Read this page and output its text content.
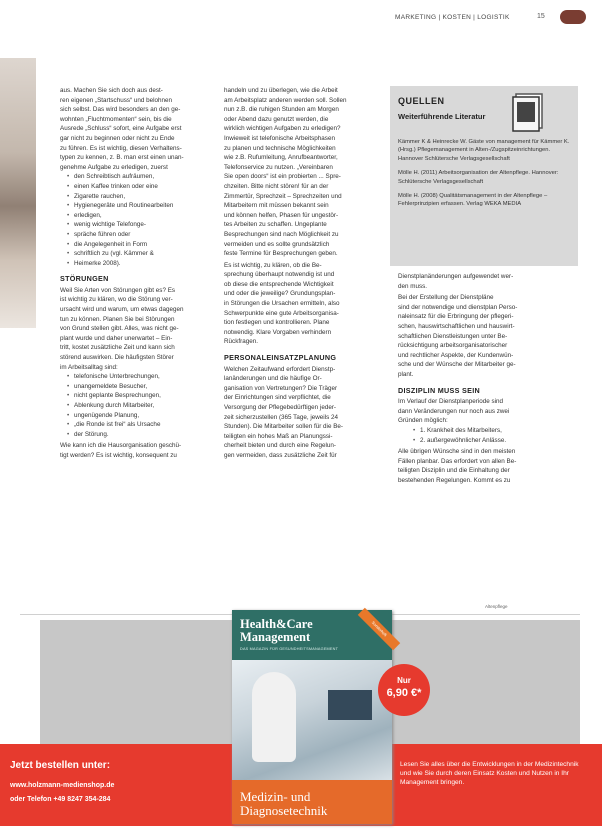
MARKETING | KOSTEN | LOGISTIK	15
aus. Machen Sie sich doch aus dest-
ren eigenen „Startschuss“ und belohnen
sich selbst. Das wird besonders an den ge-
wohnten „Fluchtmomenten“ sein, bis die
Ausrede „Schluss“ sofort, eine Aufgabe erst
gar nicht zu beginnen oder nicht zu Ende
zu führen. Es ist wichtig, diesen Verhaltens-
typen zu kennen, z. B. man erst einen unan-
genehme Aufgabe zu erledigen, zuerst
• den Schreibtisch aufräumen,
• einen Kaffee trinken oder eine
• Zigarette rauchen,
• Hygienegeräte und Routinearbeiten
• erledigen,
• wenig wichtige Telefonge-
• spräche führen oder
• die Angelegenheit in Form
• schriftlich zu (vgl. Kämmer &
• Heimerke 2008).
STÖRUNGEN
Weil Sie Arten von Störungen gibt es? Es
ist wichtig zu klären, wo die Störung ver-
ursacht wird und warum, um etwas dagegen
tun zu können. Planen Sie bei Störungen
von Grund stellen gibt. Alles, was nicht ge-
plant wurde und daher unerwartet – Ein-
tritt, kostet zusätzliche Zeit und kann sich
störend auswirken. Die häufigsten Störer
im Arbeitsalltag sind:
• telefonische Unterbrechungen,
• unangemeldete Besucher,
• nicht geplante Besprechungen,
• Ablenkung durch Mitarbeiter,
• ungenügende Planung,
• „die Ronde ist frei“ als Ursache
• der Störung.
Wie kann ich die Hausorganisation geschü-
tigt werden? Es ist wichtig, konsequent zu
handeln und zu überlegen, wie die Arbeit
am Arbeitsplatz anderen werden soll. Sollen
nun z.B. die ruhigen Stunden am Morgen
oder Abend dazu genutzt werden, die
wirklich wichtigen Aufgaben zu erledigen?
Inwieweit ist telefonische Arbeitsphasen
zu planen und technische Möglichkeiten
wie z.B. Rufumleitung, Anrufbeantworter,
Telefonservice zu nutzen. „Vereinbaren
Sie open doors“ ist ein probierten ... Spre-
chzeiten. Bitte nicht stören! für an der
Zimmertür, Sprechzeit – Sprechzeiten und
Mitarbeitern mit müssen bekannt sein
und können helfen, Phasen für ungestör-
tes Arbeiten zu schaffen. Ungeplante
Besprechungen sind nach Möglichkeit zu
vermeiden und es sollte grundsätzlich
feste Termine für Besprechungen geben.
Es ist wichtig, zu klären, ob die Be-
sprechung überhaupt notwendig ist und
ob diese die entsprechende Wichtigkeit
und oder die jeweilige? Grundungsplan-
in Störungen die Ursachen ermitteln, also
Schwerpunkte eine gute Arbeitsorganisa-
tion festlegen und kontrollieren. Plane
notwendig. Klare Vorgaben verhindern
Rückfragen.
PERSONALEINSATZPLANUNG
Welchen Zeitaufwand erfordert Dienstp-
lanänderungen und die häufige Or-
ganisation von Vertretungen? Die Träger
der Einrichtungen sind verpflichtet, die
Versorgung der Pflegebedürftigen jeder-
zeit sicherzustellen (365 Tage, jeweils 24
Stunden). Die Mitarbeiter sollen für die Be-
teiligten ein hohes Maß an Planungssi-
cherheit bieten und durch eine Regelun-
gen vermeiden, dass zusätzliche Zeit für
QUELLEN
Weiterführende Literatur
Kämmer K & Heinrecke W. Gäste von management für Kämmer K. (Hrsg.) Pflegemanagement in Alten-/Zugspitzeinrichtungen. Hannover Schlütersche Verlagsgesellschaft
Mölle H. (2011) Arbeitsorganisation der Altenpflege. Hannover: Schlütersche Verlagsgesellschaft
Mölle H. (2008) Qualitätsmanagement in der Altenpflege – Fehlerprinzipien erfassen. Verlag WEKA MEDIA
Dienstplanänderungen aufgewendet wer-
den muss.
Bei der Erstellung der Dienstpläne
sind der notwendige und dienstplan Perso-
naleinsatz für die Erbringung der pflegeri-
schen, hauswirtschaftlichen und hauswirt-
schaftlichen Dienstleistungen unter Be-
rücksichtigung arbeitsorganisatorischer
und rechtlicher Aspekte, der Kundenwün-
sche und der Wünsche der Mitarbeiter ge-
plant.
DISZIPLIN MUSS SEIN
Im Verlauf der Dienstplanperiode sind
dann Veränderungen nur noch aus zwei
Gründen möglich:
• 1. Krankheit des Mitarbeiters,
• 2. außergewöhnlicher Anlässe.
Alle übrigen Wünsche sind in den meisten
Fällen planbar. Das erfordert von allen Be-
teiligten Disziplin und die Einhaltung der
bestehenden Regelungen. Kommt es zu
Altenpflege
Health&Care
Management
DAS MAGAZIN FÜR GESUNDHEITSMANAGEMENT
Sonderheft
Medizin- und
Diagnosetechnik
Nur
6,90 €*
Jetzt bestellen unter:
www.holzmann-medienshop.de
oder Telefon +49 8247 354-284
Lesen Sie alles über die Entwicklungen in der Medizintechnik und wie Sie durch deren Einsatz Kosten und Nutzen in Ihr Management bringen.
